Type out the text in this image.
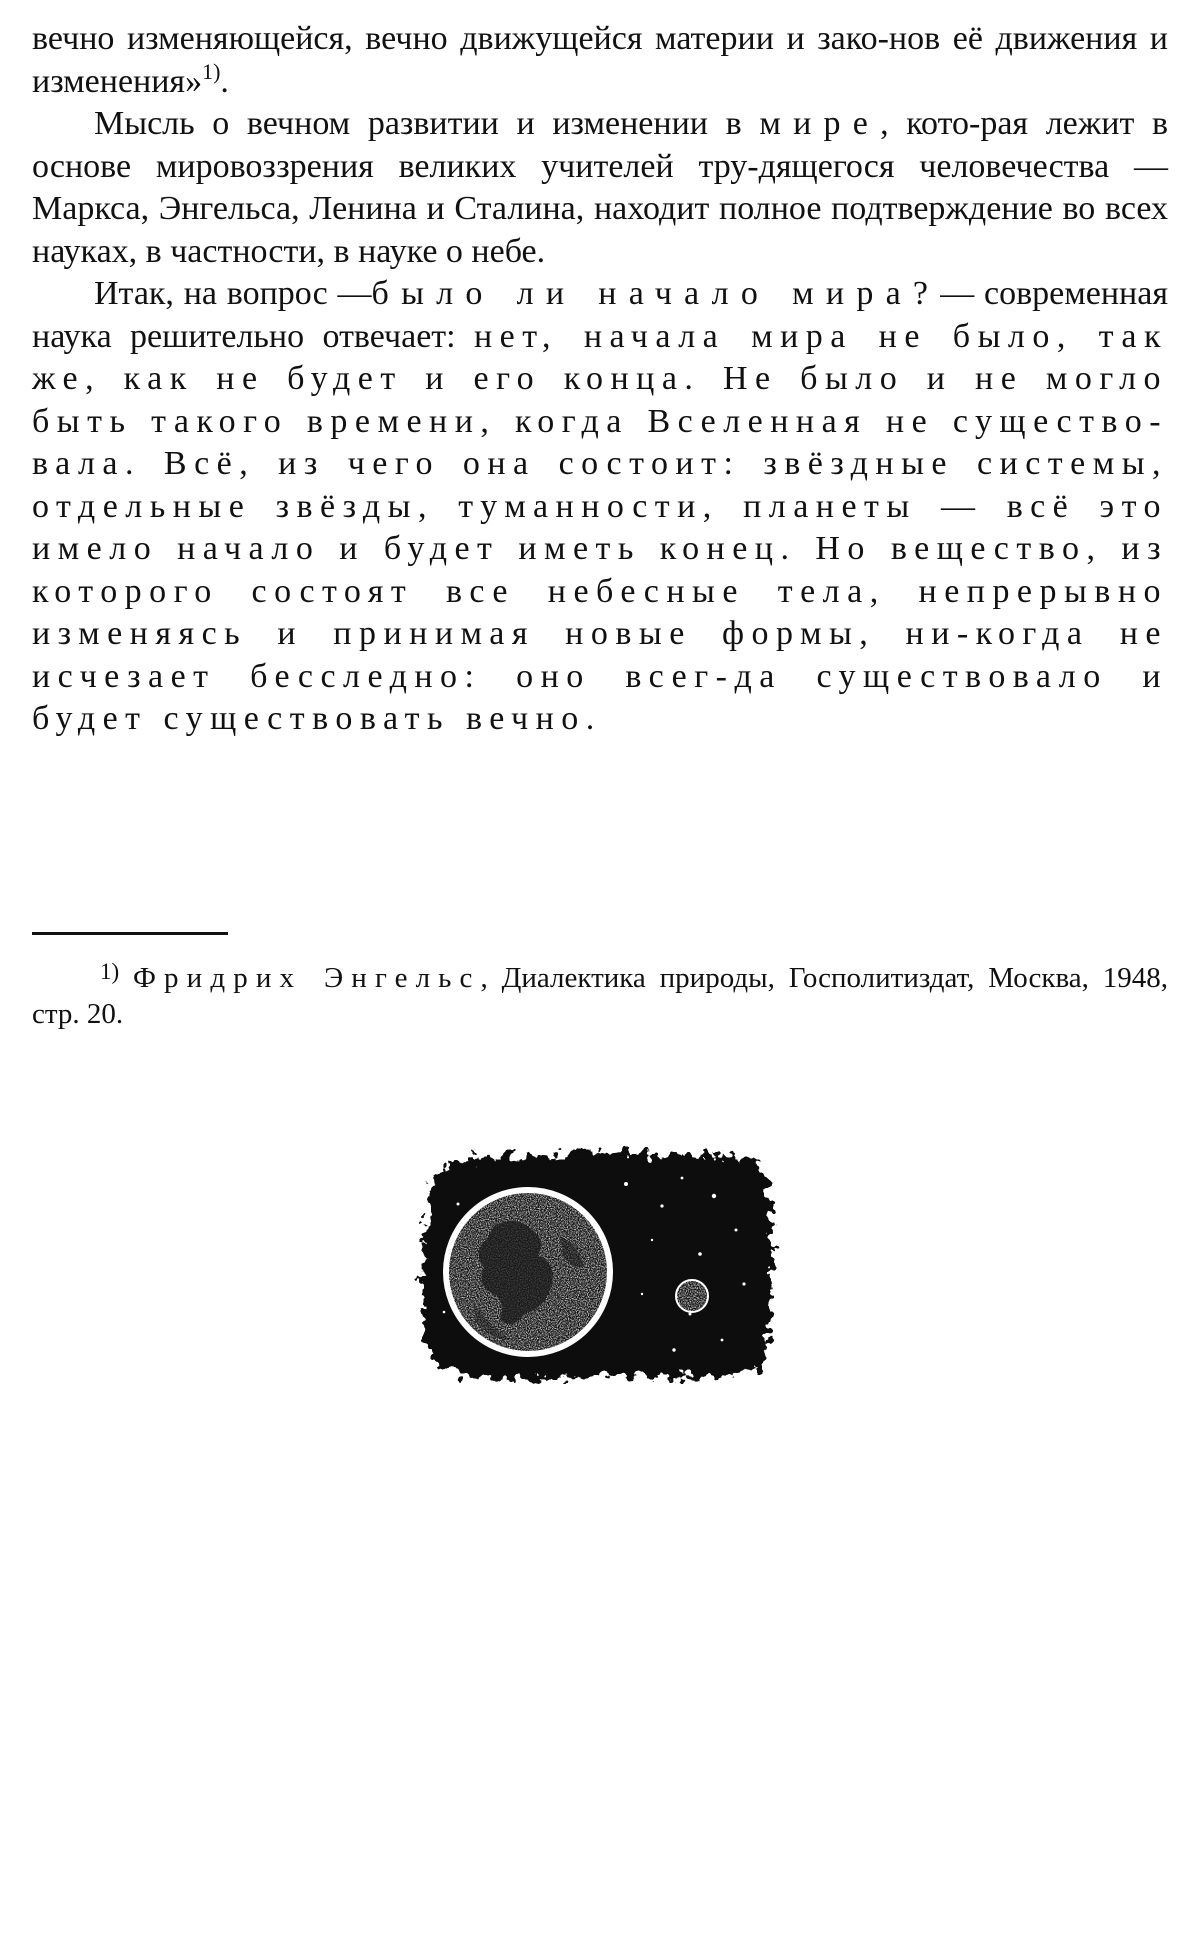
вечно изменяющейся, вечно движущейся материи и зако-нов её движения и изменения»$^{1)}$.

Мысль о вечном развитии и изменении в мире, кото-рая лежит в основе мировоззрения великих учителей тру-дящегося человечества — Маркса, Энгельса, Ленина и Сталина, находит полное подтверждение во всех науках, в частности, в науке о небе.

Итак, на вопрос —было ли начало мира?— современная наука решительно отвечает: нет, начала мира не было, так же, как не будет и его конца. Не было и не могло быть такого времени, когда Вселенная не существо-вала. Всё, из чего она состоит: звёздные системы, отдельные звёзды, туманности, планеты — всё это имело начало и будет иметь конец. Но вещество, из которого состоят все небесные тела, непрерывно изменяясь и принимая новые формы, ни-когда не исчезает бесследно: оно всег-да существовало и будет существовать вечно.

$^{1)}$ Фридрих Энгельс, Диалектика природы, Госполитиздат, Москва, 1948, стр. 20.
